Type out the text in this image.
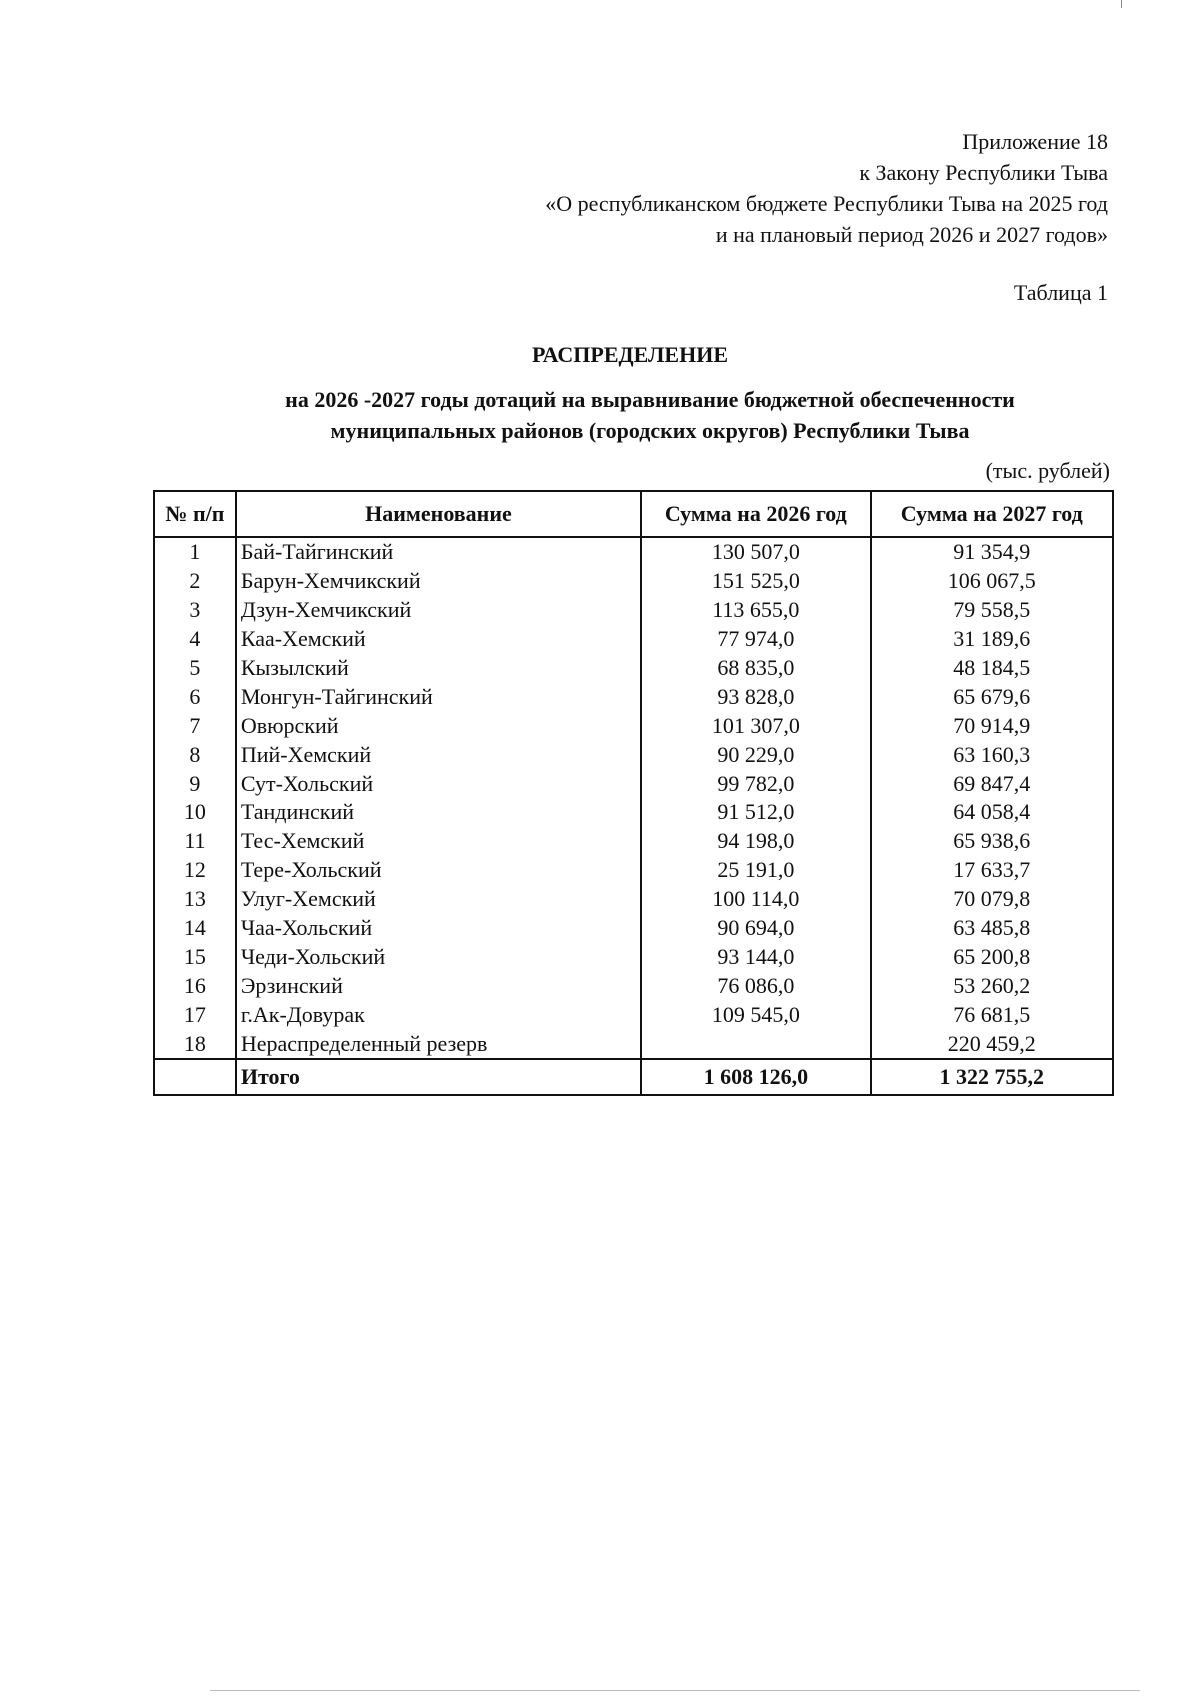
Приложение 18
к Закону Республики Тыва
«О республиканском бюджете Республики Тыва на 2025 год
и на плановый период 2026 и 2027 годов»
Таблица 1
РАСПРЕДЕЛЕНИЕ
на 2026 -2027 годы дотаций на выравнивание бюджетной обеспеченности
муниципальных районов (городских округов) Республики Тыва
(тыс. рублей)
№ п/п	Наименование	Сумма на 2026 год	Сумма на 2027 год
1	Бай-Тайгинский	130 507,0	91 354,9
2	Барун-Хемчикский	151 525,0	106 067,5
3	Дзун-Хемчикский	113 655,0	79 558,5
4	Каа-Хемский	77 974,0	31 189,6
5	Кызылский	68 835,0	48 184,5
6	Монгун-Тайгинский	93 828,0	65 679,6
7	Овюрский	101 307,0	70 914,9
8	Пий-Хемский	90 229,0	63 160,3
9	Сут-Хольский	99 782,0	69 847,4
10	Тандинский	91 512,0	64 058,4
11	Тес-Хемский	94 198,0	65 938,6
12	Тере-Хольский	25 191,0	17 633,7
13	Улуг-Хемский	100 114,0	70 079,8
14	Чаа-Хольский	90 694,0	63 485,8
15	Чеди-Хольский	93 144,0	65 200,8
16	Эрзинский	76 086,0	53 260,2
17	г.Ак-Довурак	109 545,0	76 681,5
18	Нераспределенный резерв		220 459,2
	Итого	1 608 126,0	1 322 755,2
